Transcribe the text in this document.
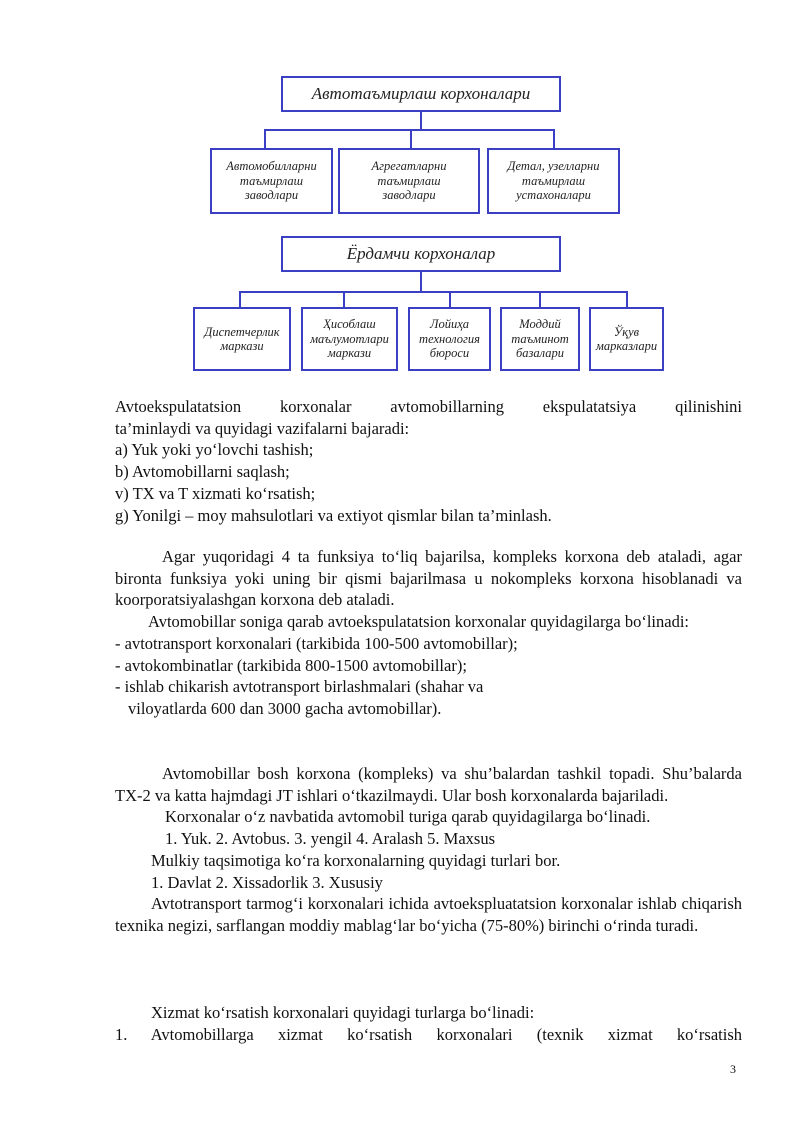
Автотаъмирлаш корхоналари
Автомобилларни
таъмирлаш
заводлари
Агрегатларни
таъмирлаш
заводлари
Детал, узелларни
таъмирлаш
устахоналари
Ёрдамчи корхоналар
Диспетчерлик
маркази
Ҳисоблаш
маълумотлари
маркази
Лойиҳа
технология
бюроси
Моддий
таъминот
базалари
Ўқув
марказлари

Avtoekspulatatsion korxonalar avtomobillarning ekspulatatsiya qilinishini

ta’minlaydi va quyidagi vazifalarni bajaradi:

a) Yuk yoki yo‘lovchi tashish;

b) Avtomobillarni saqlash;

v) TX va T xizmati ko‘rsatish;

g) Yonilgi – moy mahsulotlari va extiyot qismlar bilan ta’minlash.

Agar yuqoridagi 4 ta funksiya to‘liq bajarilsa, kompleks korxona deb ataladi, agar bironta funksiya yoki uning bir qismi bajarilmasa u nokompleks korxona hisoblanadi va koorporatsiyalashgan korxona deb ataladi.

Avtomobillar soniga qarab avtoekspulatatsion korxonalar quyidagilarga bo‘linadi:

- avtotransport korxonalari (tarkibida 100-500 avtomobillar);

- avtokombinatlar (tarkibida 800-1500 avtomobillar);

- ishlab chikarish avtotransport birlashmalari (shahar va

viloyatlarda 600 dan 3000 gacha avtomobillar).

Avtomobillar bosh korxona (kompleks) va shu’balardan tashkil topadi. Shu’balarda TX-2 va katta hajmdagi JT ishlari o‘tkazilmaydi. Ular bosh korxonalarda bajariladi.

Korxonalar o‘z navbatida avtomobil turiga qarab quyidagilarga bo‘linadi.

1. Yuk. 2. Avtobus. 3. yengil 4. Aralash 5. Maxsus

Mulkiy taqsimotiga ko‘ra korxonalarning quyidagi turlari bor.

1. Davlat 2. Xissadorlik 3. Xususiy

Avtotransport tarmog‘i korxonalari ichida avtoekspluatatsion korxonalar ishlab chiqarish texnika negizi, sarflangan moddiy mablag‘lar bo‘yicha (75-80%) birinchi o‘rinda turadi.

Xizmat ko‘rsatish korxonalari quyidagi turlarga bo‘linadi:

1. Avtomobillarga xizmat ko‘rsatish korxonalari (texnik xizmat ko‘rsatish

3
